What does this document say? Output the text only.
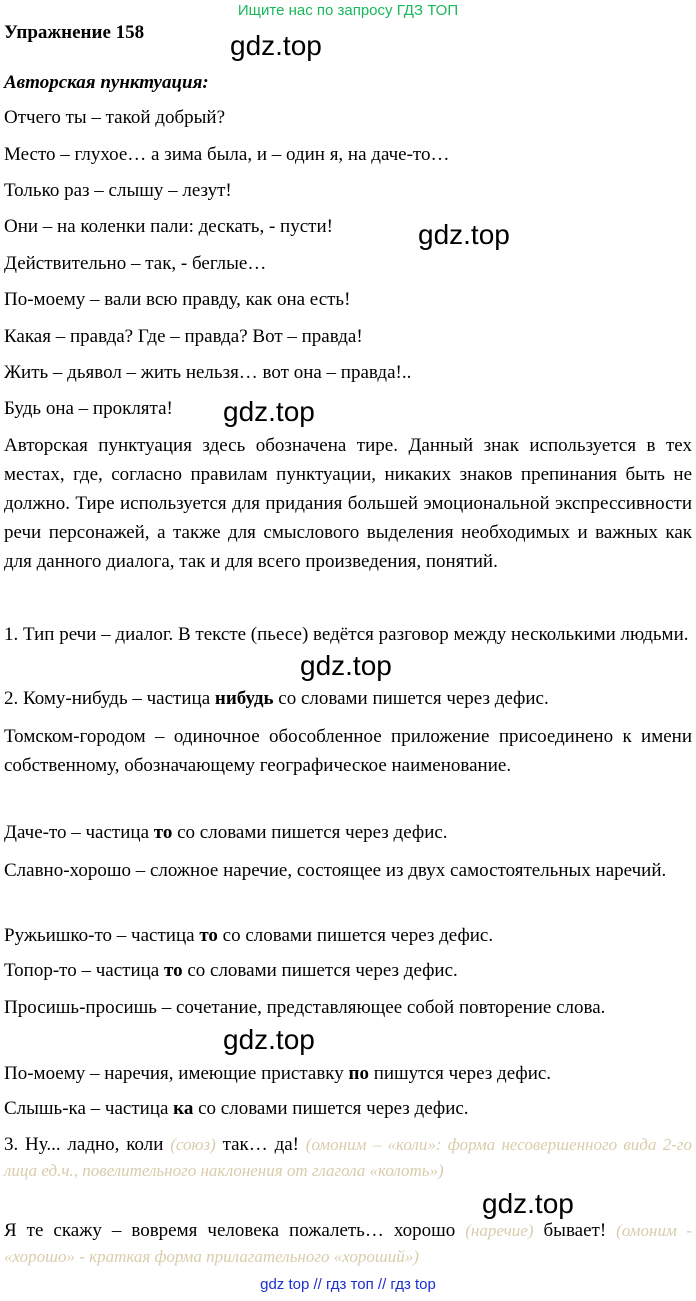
Ищите нас по запросу ГДЗ ТОП
Упражнение 158
Авторская пунктуация:
Отчего ты – такой добрый?
Место – глухое… а зима была, и – один я, на даче-то…
Только раз – слышу – лезут!
Они – на коленки пали: дескать, - пусти!
Действительно – так, - беглые…
По-моему – вали всю правду, как она есть!
Какая – правда? Где – правда? Вот – правда!
Жить – дьявол – жить нельзя… вот она – правда!..
Будь она – проклята!
Авторская пунктуация здесь обозначена тире. Данный знак используется в тех местах, где, согласно правилам пунктуации, никаких знаков препинания быть не должно. Тире используется для придания большей эмоциональной экспрессивности речи персонажей, а также для смыслового выделения необходимых и важных как для данного диалога, так и для всего произведения, понятий.
1. Тип речи – диалог. В тексте (пьесе) ведётся разговор между несколькими людьми.
2. Кому-нибудь – частица нибудь со словами пишется через дефис.
Томском-городом – одиночное обособленное приложение присоединено к имени собственному, обозначающему географическое наименование.
Даче-то – частица то со словами пишется через дефис.
Славно-хорошо – сложное наречие, состоящее из двух самостоятельных наречий.
Ружьишко-то – частица то со словами пишется через дефис.
Топор-то – частица то со словами пишется через дефис.
Просишь-просишь – сочетание, представляющее собой повторение слова.
По-моему – наречия, имеющие приставку по пишутся через дефис.
Слышь-ка – частица ка со словами пишется через дефис.
3. Ну... ладно, коли (союз) так… да! (омоним – «коли»: форма несовершенного вида 2-го лица ед.ч., повелительного наклонения от глагола «колоть»)
Я те скажу – вовремя человека пожалеть… хорошо (наречие) бывает! (омоним - «хорошо» - краткая форма прилагательного «хороший»)
gdz.top
gdz.top
gdz.top
gdz.top
gdz.top
gdz.top
gdz top // гдз топ // гдз top
